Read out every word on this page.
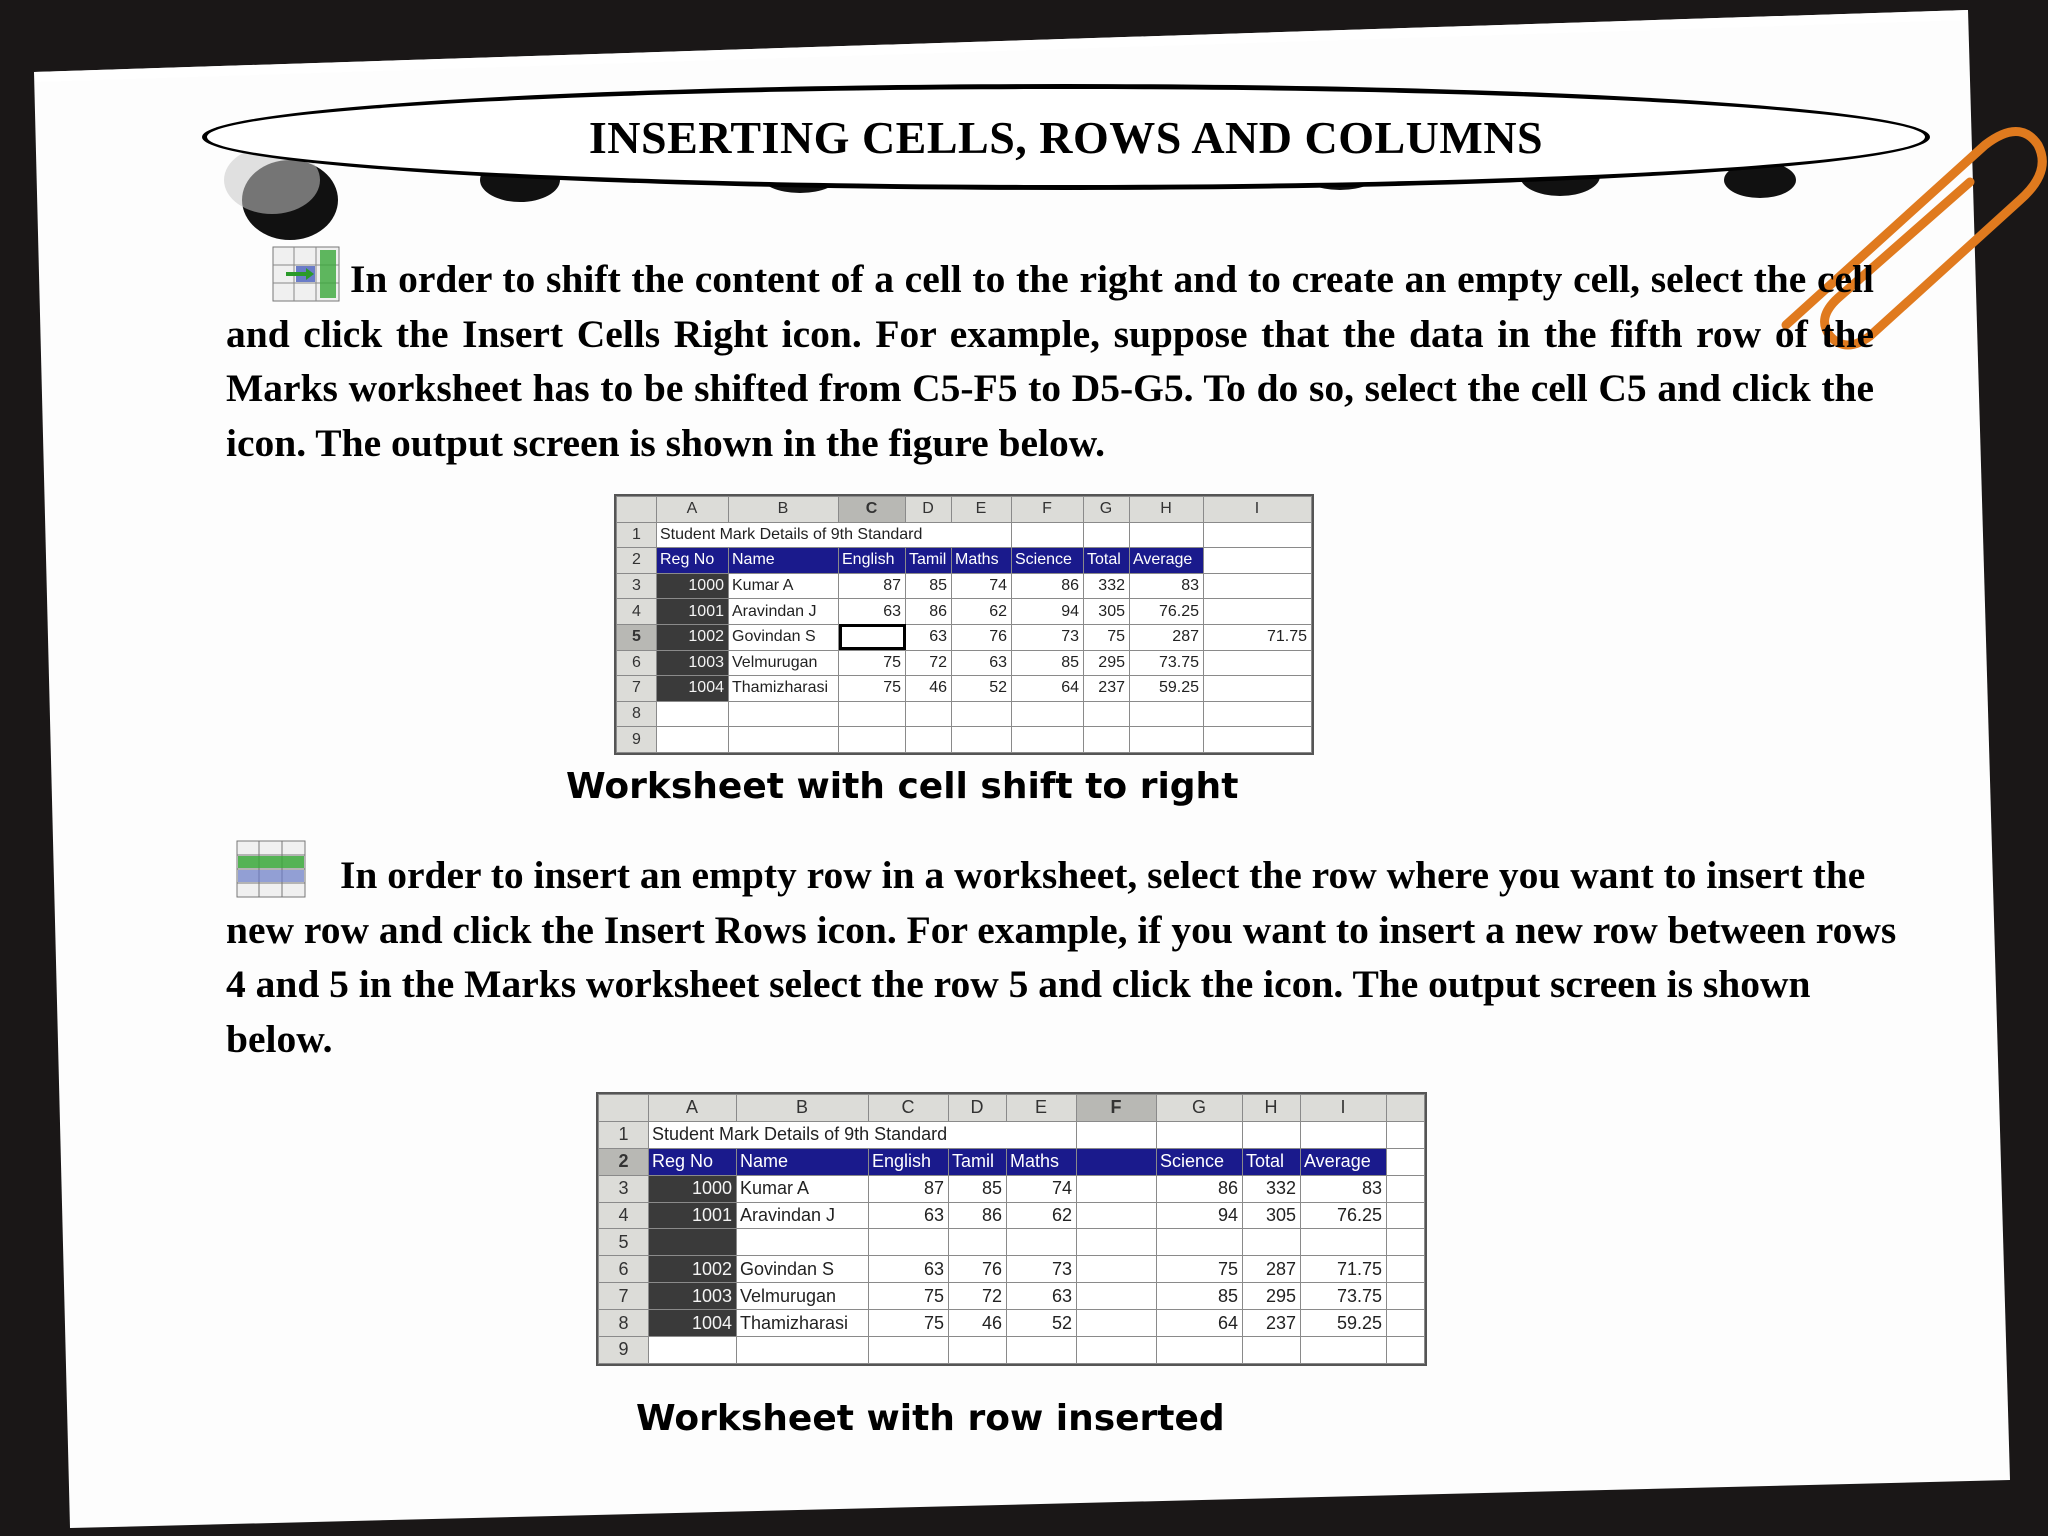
INSERTING CELLS, ROWS AND COLUMNS
In order to shift the content of a cell to the right and to create an empty cell, select the cell and click the Insert Cells Right icon. For example, suppose that the data in the fifth row of the Marks worksheet has to be shifted from C5-F5 to D5-G5. To do so, select the cell C5 and click the icon. The output screen is shown in the figure below.
	A	B	C	D	E	F	G	H	I
1	Student Mark Details of 9th Standard								
2	Reg No	Name	English	Tamil	Maths	Science	Total	Average	
3	1000	Kumar A	87	85	74	86	332	83	
4	1001	Aravindan J	63	86	62	94	305	76.25	
5	1002	Govindan S		63	76	73	75	287	71.75
6	1003	Velmurugan	75	72	63	85	295	73.75	
7	1004	Thamizharasi	75	46	52	64	237	59.25	
8									
9									
Worksheet with cell shift to right
In order to insert an empty row in a worksheet, select the row where you want to insert the new row and click the Insert Rows icon. For example, if you want to insert a new row between rows 4 and 5 in the Marks worksheet select the row 5 and click the icon. The output screen is shown below.
	A	B	C	D	E	F	G	H	I	
1	Student Mark Details of 9th Standard									
2	Reg No	Name	English	Tamil	Maths		Science	Total	Average	
3	1000	Kumar A	87	85	74		86	332	83	
4	1001	Aravindan J	63	86	62		94	305	76.25	
5										
6	1002	Govindan S	63	76	73		75	287	71.75	
7	1003	Velmurugan	75	72	63		85	295	73.75	
8	1004	Thamizharasi	75	46	52		64	237	59.25	
9										
Worksheet with row inserted
